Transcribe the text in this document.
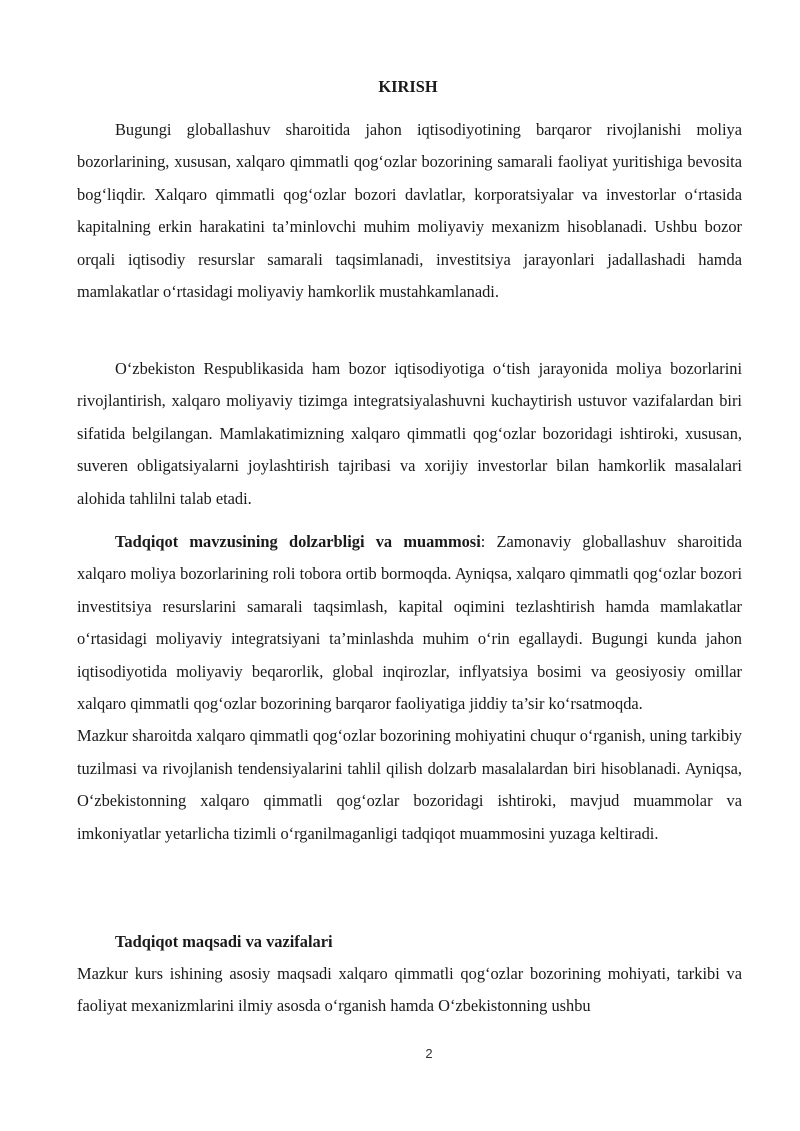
KIRISH

Bugungi globallashuv sharoitida jahon iqtisodiyotining barqaror rivojlanishi moliya bozorlarining, xususan, xalqaro qimmatli qog‘ozlar bozorining samarali faoliyat yuritishiga bevosita bog‘liqdir. Xalqaro qimmatli qog‘ozlar bozori davlatlar, korporatsiyalar va investorlar o‘rtasida kapitalning erkin harakatini ta’minlovchi muhim moliyaviy mexanizm hisoblanadi. Ushbu bozor orqali iqtisodiy resurslar samarali taqsimlanadi, investitsiya jarayonlari jadallashadi hamda mamlakatlar o‘rtasidagi moliyaviy hamkorlik mustahkamlanadi.

O‘zbekiston Respublikasida ham bozor iqtisodiyotiga o‘tish jarayonida moliya bozorlarini rivojlantirish, xalqaro moliyaviy tizimga integratsiyalashuvni kuchaytirish ustuvor vazifalardan biri sifatida belgilangan. Mamlakatimizning xalqaro qimmatli qog‘ozlar bozoridagi ishtiroki, xususan, suveren obligatsiyalarni joylashtirish tajribasi va xorijiy investorlar bilan hamkorlik masalalari alohida tahlilni talab etadi.

Tadqiqot mavzusining dolzarbligi va muammosi: Zamonaviy globallashuv sharoitida xalqaro moliya bozorlarining roli tobora ortib bormoqda. Ayniqsa, xalqaro qimmatli qog‘ozlar bozori investitsiya resurslarini samarali taqsimlash, kapital oqimini tezlashtirish hamda mamlakatlar o‘rtasidagi moliyaviy integratsiyani ta’minlashda muhim o‘rin egallaydi. Bugungi kunda jahon iqtisodiyotida moliyaviy beqarorlik, global inqirozlar, inflyatsiya bosimi va geosiyosiy omillar xalqaro qimmatli qog‘ozlar bozorining barqaror faoliyatiga jiddiy ta’sir ko‘rsatmoqda.
Mazkur sharoitda xalqaro qimmatli qog‘ozlar bozorining mohiyatini chuqur o‘rganish, uning tarkibiy tuzilmasi va rivojlanish tendensiyalarini tahlil qilish dolzarb masalalardan biri hisoblanadi. Ayniqsa, O‘zbekistonning xalqaro qimmatli qog‘ozlar bozoridagi ishtiroki, mavjud muammolar va imkoniyatlar yetarlicha tizimli o‘rganilmaganligi tadqiqot muammosini yuzaga keltiradi.

Tadqiqot maqsadi va vazifalari

Mazkur kurs ishining asosiy maqsadi xalqaro qimmatli qog‘ozlar bozorining mohiyati, tarkibi va faoliyat mexanizmlarini ilmiy asosda o‘rganish hamda O‘zbekistonning ushbu

2
